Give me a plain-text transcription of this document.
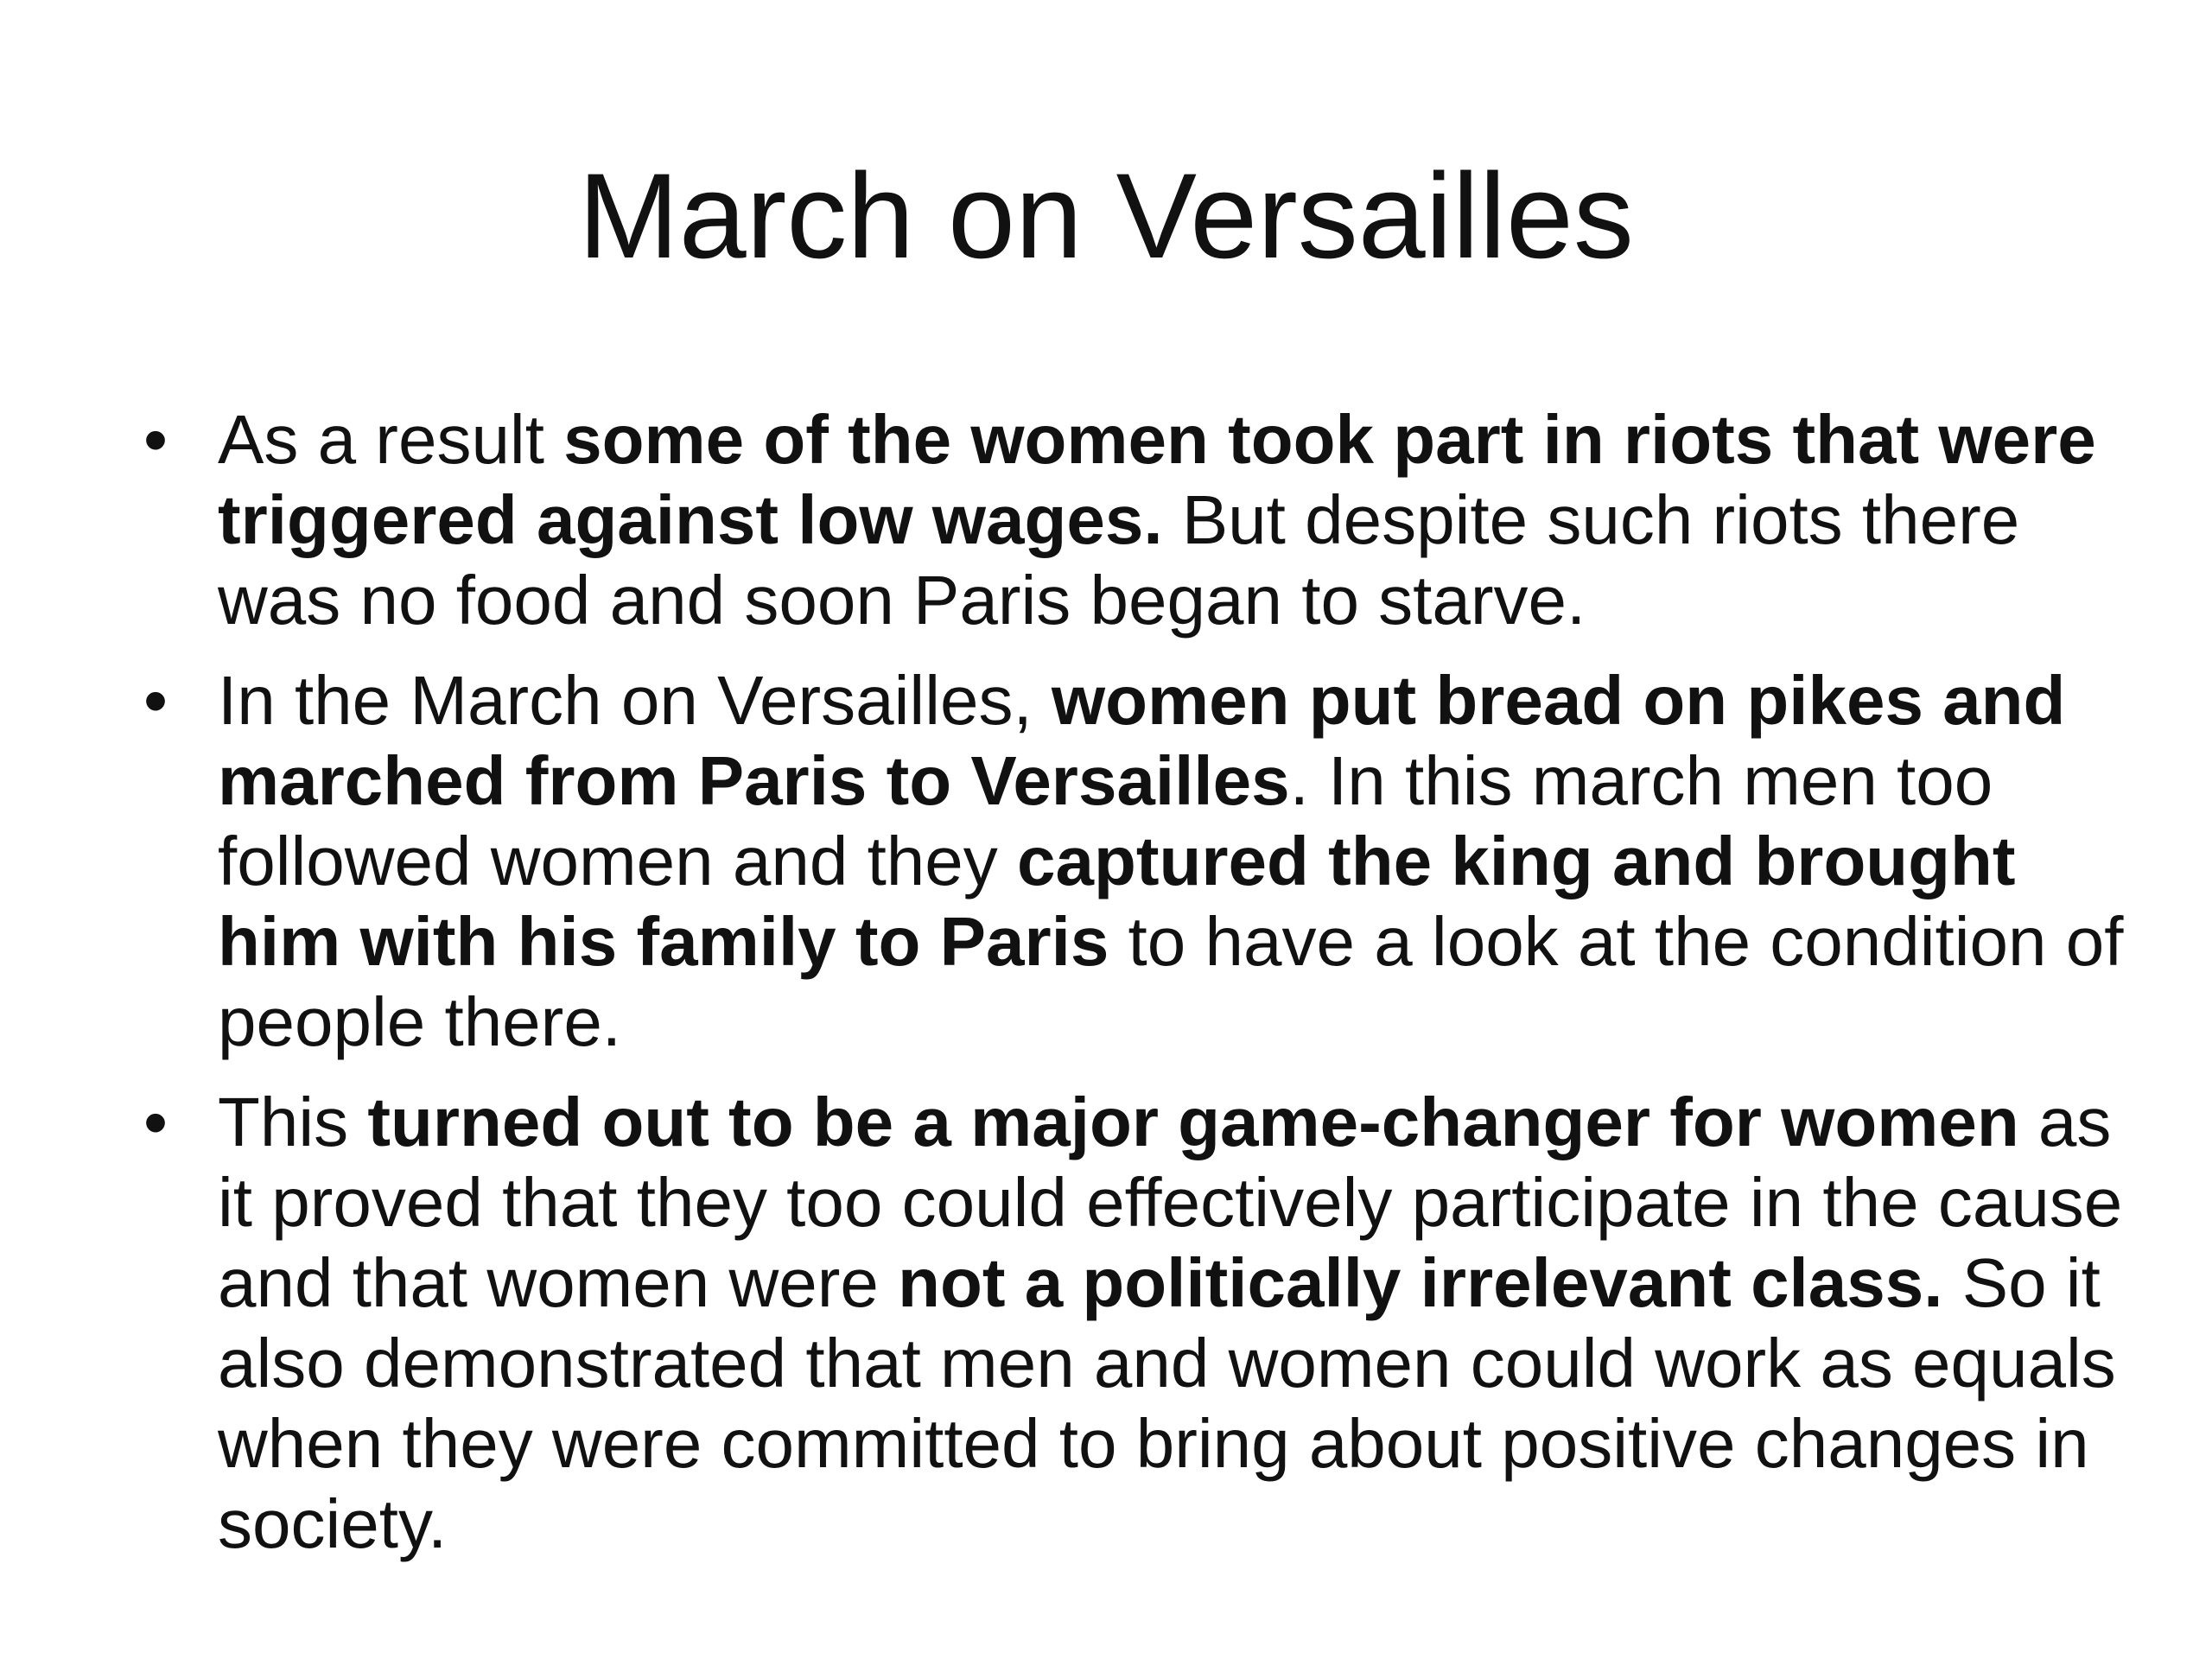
March on Versailles
• As a result some of the women took part in riots that were triggered against low wages. But despite such riots there was no food and soon Paris began to starve.
• In the March on Versailles, women put bread on pikes and marched from Paris to Versailles. In this march men too followed women and they captured the king and brought him with his family to Paris to have a look at the condition of people there.
• This turned out to be a major game-changer for women as it proved that they too could effectively participate in the cause and that women were not a politically irrelevant class. So it also demonstrated that men and women could work as equals when they were committed to bring about positive changes in society.
